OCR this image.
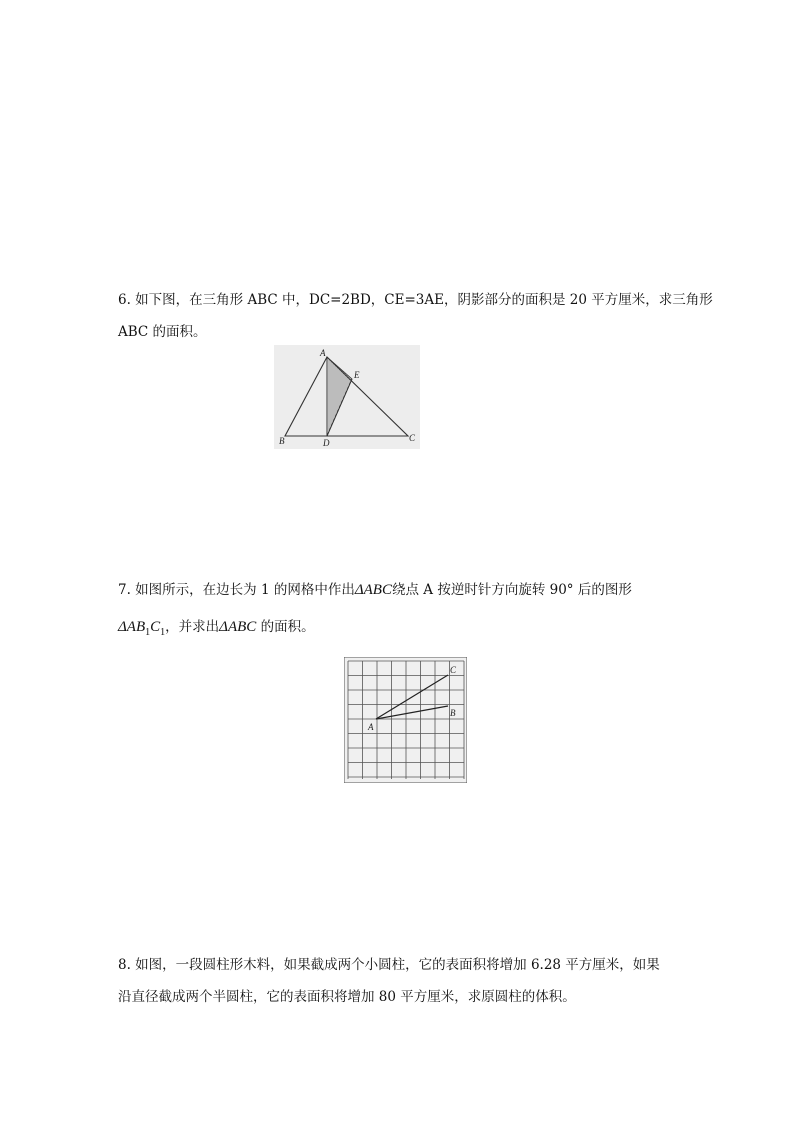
6. 如下图，在三角形 ABC 中，DC=2BD，CE=3AE，阴影部分的面积是 20 平方厘米，求三角形
ABC 的面积。
A
E
B	D	C
7. 如图所示，在边长为 1 的网格中作出ΔABC绕点 A 按逆时针方向旋转 90° 后的图形
$\Delta AB_1C_1$，并求出ΔABC 的面积。
C
B
A
8. 如图，一段圆柱形木料，如果截成两个小圆柱，它的表面积将增加 6.28 平方厘米，如果
沿直径截成两个半圆柱，它的表面积将增加 80 平方厘米，求原圆柱的体积。
